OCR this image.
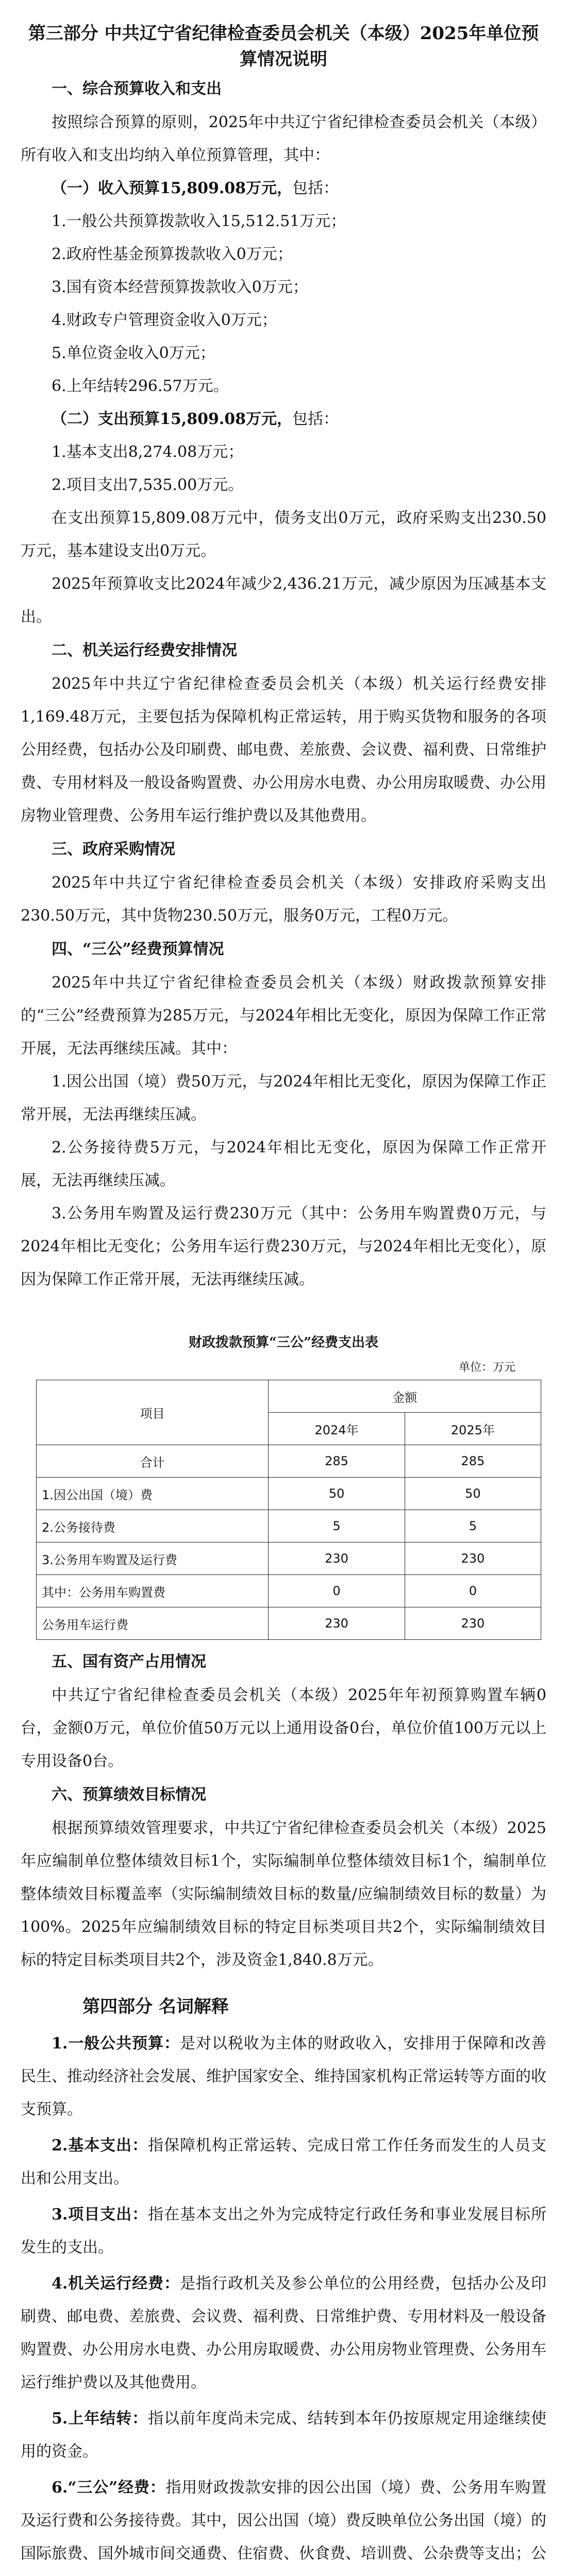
第三部分 中共辽宁省纪律检查委员会机关（本级）2025年单位预算情况说明
一、综合预算收入和支出

按照综合预算的原则，2025年中共辽宁省纪律检查委员会机关（本级）所有收入和支出均纳入单位预算管理，其中：

（一）收入预算15,809.08万元，包括：

1.一般公共预算拨款收入15,512.51万元；

2.政府性基金预算拨款收入0万元；

3.国有资本经营预算拨款收入0万元；

4.财政专户管理资金收入0万元；

5.单位资金收入0万元；

6.上年结转296.57万元。

（二）支出预算15,809.08万元，包括：

1.基本支出8,274.08万元；

2.项目支出7,535.00万元。

在支出预算15,809.08万元中，债务支出0万元，政府采购支出230.50万元，基本建设支出0万元。

2025年预算收支比2024年减少2,436.21万元，减少原因为压减基本支出。

二、机关运行经费安排情况

2025年中共辽宁省纪律检查委员会机关（本级）机关运行经费安排1,169.48万元，主要包括为保障机构正常运转，用于购买货物和服务的各项公用经费，包括办公及印刷费、邮电费、差旅费、会议费、福利费、日常维护费、专用材料及一般设备购置费、办公用房水电费、办公用房取暖费、办公用房物业管理费、公务用车运行维护费以及其他费用。

三、政府采购情况

2025年中共辽宁省纪律检查委员会机关（本级）安排政府采购支出230.50万元，其中货物230.50万元，服务0万元，工程0万元。

四、“三公”经费预算情况

2025年中共辽宁省纪律检查委员会机关（本级）财政拨款预算安排的“三公”经费预算为285万元，与2024年相比无变化，原因为保障工作正常开展，无法再继续压减。其中：

1.因公出国（境）费50万元，与2024年相比无变化，原因为保障工作正常开展，无法再继续压减。

2.公务接待费5万元，与2024年相比无变化，原因为保障工作正常开展，无法再继续压减。

3.公务用车购置及运行费230万元（其中：公务用车购置费0万元，与2024年相比无变化；公务用车运行费230万元，与2024年相比无变化），原因为保障工作正常开展，无法再继续压减。

财政拨款预算“三公”经费支出表
单位：万元
项目	金额	
	2024年	2025年
合计	285	285
1.因公出国（境）费	50	50
2.公务接待费	5	5
3.公务用车购置及运行费	230	230
其中：公务用车购置费	0	0
公务用车运行费	230	230
五、国有资产占用情况

中共辽宁省纪律检查委员会机关（本级）2025年年初预算购置车辆0台，金额0万元，单位价值50万元以上通用设备0台，单位价值100万元以上专用设备0台。

六、预算绩效目标情况

根据预算绩效管理要求，中共辽宁省纪律检查委员会机关（本级）2025年应编制单位整体绩效目标1个，实际编制单位整体绩效目标1个，编制单位整体绩效目标覆盖率（实际编制绩效目标的数量/应编制绩效目标的数量）为100%。2025年应编制绩效目标的特定目标类项目共2个，实际编制绩效目标的特定目标类项目共2个，涉及资金1,840.8万元。

第四部分 名词解释

1.一般公共预算：是对以税收为主体的财政收入，安排用于保障和改善民生、推动经济社会发展、维护国家安全、维持国家机构正常运转等方面的收支预算。

2.基本支出：指保障机构正常运转、完成日常工作任务而发生的人员支出和公用支出。

3.项目支出：指在基本支出之外为完成特定行政任务和事业发展目标所发生的支出。

4.机关运行经费：是指行政机关及参公单位的公用经费，包括办公及印刷费、邮电费、差旅费、会议费、福利费、日常维护费、专用材料及一般设备购置费、办公用房水电费、办公用房取暖费、办公用房物业管理费、公务用车运行维护费以及其他费用。

5.上年结转：指以前年度尚未完成、结转到本年仍按原规定用途继续使用的资金。

6.“三公”经费：指用财政拨款安排的因公出国（境）费、公务用车购置及运行费和公务接待费。其中，因公出国（境）费反映单位公务出国（境）的国际旅费、国外城市间交通费、住宿费、伙食费、培训费、公杂费等支出；公
